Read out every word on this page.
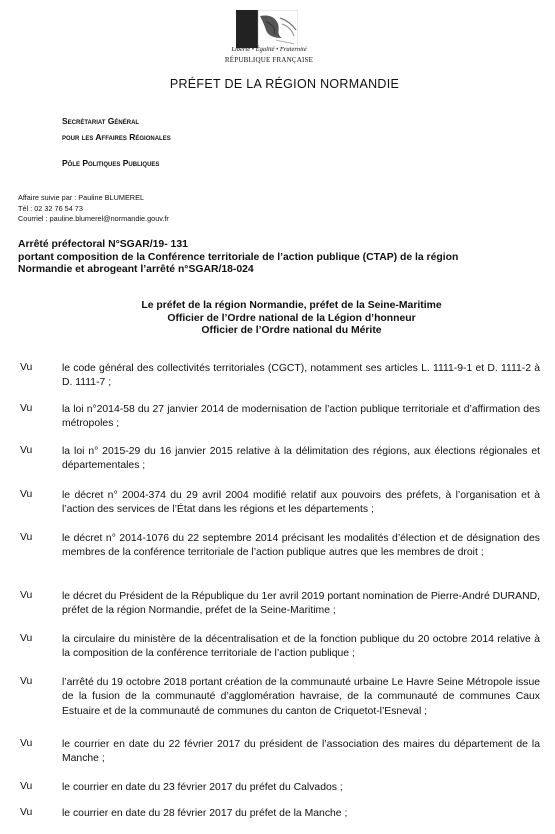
Liberté • Égalité • Fraternité
RÉPUBLIQUE FRANÇAISE
PRÉFET DE LA RÉGION NORMANDIE
Secrétariat Général
pour les Affaires Régionales
Pôle Politiques Publiques
Affaire suivie par : Pauline BLUMEREL
Tél : 02 32 76 54 73
Courriel : pauline.blumerel@normandie.gouv.fr
Arrêté préfectoral N°SGAR/19- 131
portant composition de la Conférence territoriale de l’action publique (CTAP) de la région
Normandie et abrogeant l’arrêté n°SGAR/18-024
Le préfet de la région Normandie, préfet de la Seine-Maritime
Officier de l’Ordre national de la Légion d’honneur
Officier de l’Ordre national du Mérite
Vu	le code général des collectivités territoriales (CGCT), notamment ses articles L. 1111-9-1 et D. 1111-2 à D. 1111-7 ;
Vu	la loi n°2014-58 du 27 janvier 2014 de modernisation de l’action publique territoriale et d’affirmation des métropoles ;
Vu	la loi n° 2015-29 du 16 janvier 2015 relative à la délimitation des régions, aux élections régionales et départementales ;
Vu	le décret n° 2004-374 du 29 avril 2004 modifié relatif aux pouvoirs des préfets, à l’organisation et à l’action des services de l’État dans les régions et les départements ;
Vu	le décret n° 2014-1076 du 22 septembre 2014 précisant les modalités d’élection et de désignation des membres de la conférence territoriale de l’action publique autres que les membres de droit ;
Vu	le décret du Président de la République du 1er avril 2019 portant nomination de Pierre-André DURAND, préfet de la région Normandie, préfet de la Seine-Maritime ;
Vu	la circulaire du ministère de la décentralisation et de la fonction publique du 20 octobre 2014 relative à la composition de la conférence territoriale de l’action publique ;
Vu	l’arrêté du 19 octobre 2018 portant création de la communauté urbaine Le Havre Seine Métropole issue de la fusion de la communauté d’agglomération havraise, de la communauté de communes Caux Estuaire et de la communauté de communes du canton de Criquetot-l’Esneval ;
Vu	le courrier en date du 22 février 2017 du président de l’association des maires du département de la Manche ;
Vu	le courrier en date du 23 février 2017 du préfet du Calvados ;
Vu	le courrier en date du 28 février 2017 du préfet de la Manche ;
